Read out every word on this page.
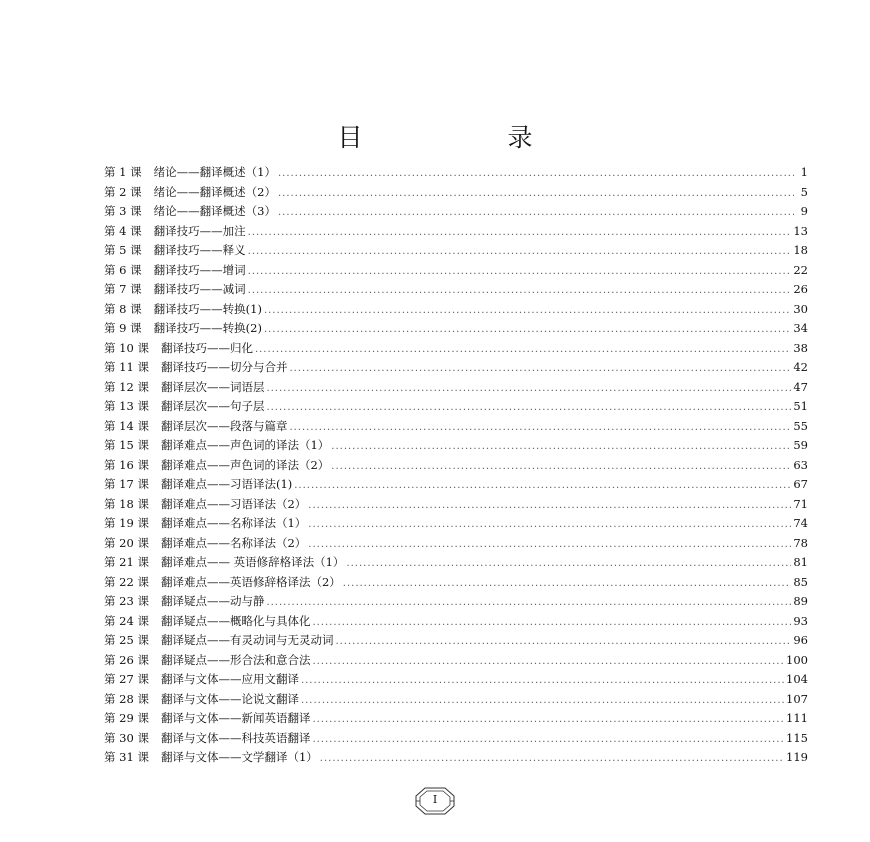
目　录
第 1 课	绪论——翻译概述（1） .....	1
第 2 课	绪论——翻译概述（2） .....	5
第 3 课	绪论——翻译概述（3） .....	9
第 4 课	翻译技巧——加注 .....	13
第 5 课	翻译技巧——释义 .....	18
第 6 课	翻译技巧——增词 .....	22
第 7 课	翻译技巧——减词 .....	26
第 8 课	翻译技巧——转换(1) .....	30
第 9 课	翻译技巧——转换(2) .....	34
第 10 课	翻译技巧——归化 .....	38
第 11 课	翻译技巧——切分与合并 .....	42
第 12 课	翻译层次——词语层 .....	47
第 13 课	翻译层次——句子层 .....	51
第 14 课	翻译层次——段落与篇章 .....	55
第 15 课	翻译难点——声色词的译法（1） .....	59
第 16 课	翻译难点——声色词的译法（2） .....	63
第 17 课	翻译难点——习语译法(1) .....	67
第 18 课	翻译难点——习语译法（2） .....	71
第 19 课	翻译难点——名称译法（1） .....	74
第 20 课	翻译难点——名称译法（2） .....	78
第 21 课	翻译难点—— 英语修辞格译法（1） .....	81
第 22 课	翻译难点——英语修辞格译法（2） .....	85
第 23 课	翻译疑点——动与静 .....	89
第 24 课	翻译疑点——概略化与具体化 .....	93
第 25 课	翻译疑点——有灵动词与无灵动词 .....	96
第 26 课	翻译疑点——形合法和意合法 .....	100
第 27 课	翻译与文体——应用文翻译 .....	104
第 28 课	翻译与文体——论说文翻译 .....	107
第 29 课	翻译与文体——新闻英语翻译 .....	111
第 30 课	翻译与文体——科技英语翻译 .....	115
第 31 课	翻译与文体——文学翻译（1） .....	119
I
